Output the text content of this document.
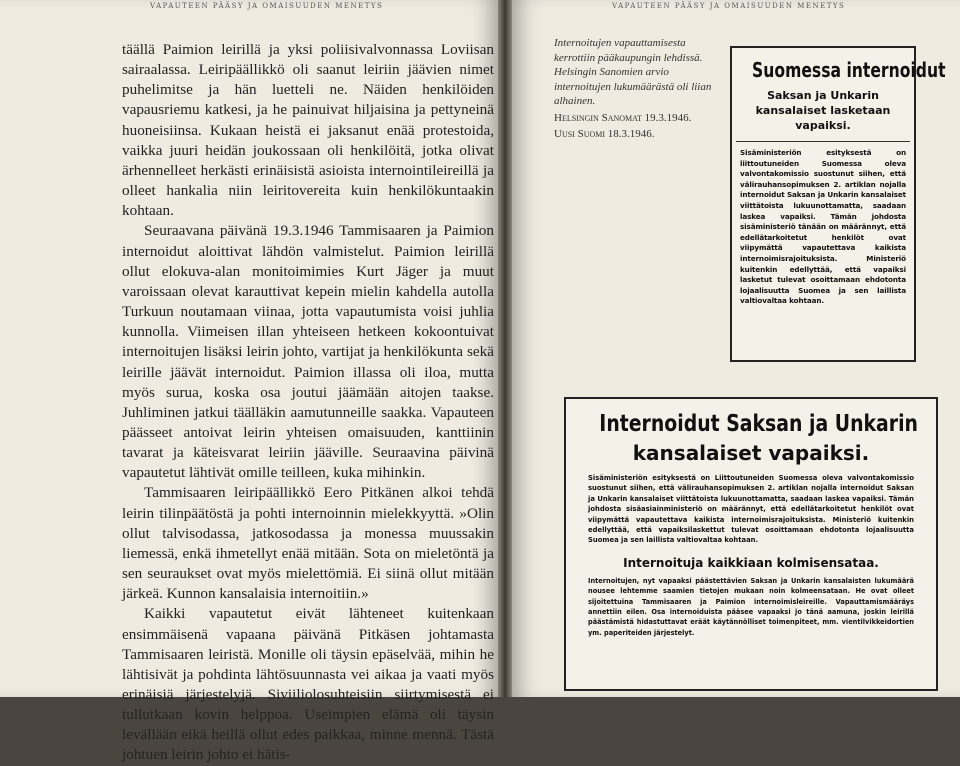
VAPAUTEEN PÄÄSY JA OMAISUUDEN MENETYS

täällä Paimion leirillä ja yksi poliisivalvonnassa Loviisan sairaalassa. Leiripäällikkö oli saanut leiriin jäävien nimet puhelimitse ja hän luetteli ne. Näiden henkilöiden vapausriemu katkesi, ja he painuivat hiljaisina ja pettyneinä huoneisiinsa. Kukaan heistä ei jaksanut enää protestoida, vaikka juuri heidän joukossaan oli henkilöitä, jotka olivat ärhennelleet herkästi erinäisistä asioista internointileireillä ja olleet hankalia niin leiritovereita kuin henkilökuntaakin kohtaan.

Seuraavana päivänä 19.3.1946 Tammisaaren ja Paimion internoidut aloittivat lähdön valmistelut. Paimion leirillä ollut elokuva-alan monitoimimies Kurt Jäger ja muut varoissaan olevat karauttivat kepein mielin kahdella autolla Turkuun noutamaan viinaa, jotta vapautumista voisi juhlia kunnolla. Viimeisen illan yhteiseen hetkeen kokoontuivat internoitujen lisäksi leirin johto, vartijat ja henkilökunta sekä leirille jäävät internoidut. Paimion illassa oli iloa, mutta myös surua, koska osa joutui jäämään aitojen taakse. Juhliminen jatkui täälläkin aamutunneille saakka. Vapauteen päässeet antoivat leirin yhteisen omaisuuden, kanttiinin tavarat ja käteisvarat leiriin jääville. Seuraavina päivinä vapautetut lähtivät omille teilleen, kuka mihinkin.

Tammisaaren leiripäällikkö Eero Pitkänen alkoi tehdä leirin tilinpäätöstä ja pohti internoinnin mielekkyyttä. »Olin ollut talvisodassa, jatkosodassa ja monessa muussakin liemessä, enkä ihmetellyt enää mitään. Sota on mieletöntä ja sen seuraukset ovat myös mielettömiä. Ei siinä ollut mitään järkeä. Kunnon kansalaisia internoitiin.»

Kaikki vapautetut eivät lähteneet kuitenkaan ensimmäisenä vapaana päivänä Pitkäsen johtamasta Tammisaaren leiristä. Monille oli täysin epäselvää, mihin he lähtisivät ja pohdinta lähtösuunnasta vei aikaa ja vaati myös erinäisiä järjestelyjä. Siviiliolosuhteisiin siirtymisestä ei tullutkaan kovin helppoa. Useimpien elämä oli täysin levällään eikä heillä ollut edes paikkaa, minne mennä. Tästä johtuen leirin johto ei hätis-

VAPAUTEEN PÄÄSY JA OMAISUUDEN MENETYS
Internoitujen vapauttamisesta kerrottiin pääkaupungin lehdissä. Helsingin Sanomien arvio internoitujen lukumäärästä oli liian alhainen.
Helsingin Sanomat 19.3.1946.
Uusi Suomi 18.3.1946.
Suomessa internoidut
Saksan ja Unkarin kansalaiset lasketaan vapaiksi.
Sisäministeriön esityksestä on liittoutuneiden Suomessa oleva valvontakomissio suostunut siihen, että välirauhansopimuksen 2. artiklan nojalla internoidut Saksan ja Unkarin kansalaiset viittätoista lukuunottamatta, saadaan laskea vapaiksi. Tämän johdosta sisäministeriö tänään on määrännyt, että edellätarkoitetut henkilöt ovat viipymättä vapautettava kaikista internoimisrajoituksista. Ministeriö kuitenkin edellyttää, että vapaiksi lasketut tulevat osoittamaan ehdotonta lojaalisuutta Suomea ja sen laillista valtiovaltaa kohtaan.
Internoidut Saksan ja Unkarin
kansalaiset vapaiksi.
Sisäministeriön esityksestä on Liittoutuneiden Suomessa oleva valvontakomissio suostunut siihen, että välirauhansopimuksen 2. artiklan nojalla internoidut Saksan ja Unkarin kansalaiset viittätoista lukuunottamatta, saadaan laskea vapaiksi. Tämän johdosta sisäasiainministeriö on määrännyt, että edellätarkoitetut henkilöt ovat viipymättä vapautettava kaikista internoimisrajoituksista. Ministeriö kuitenkin edellyttää, että vapaiksilaskettut tulevat osoittamaan ehdotonta lojaalisuutta Suomea ja sen laillista valtiovaltaa kohtaan.
Internoituja kaikkiaan kolmisensataa.
Internoitujen, nyt vapaaksi päästettävien Saksan ja Unkarin kansalaisten lukumäärä nousee lehtemme saamien tietojen mukaan noin kolmeensataan. He ovat olleet sijoitettuina Tammisaaren ja Paimion internoimisleireille. Vapauttamismääräys annettiin eilen. Osa internoiduista pääsee vapaaksi jo tänä aamuna, joskin leirillä päästämistä hidastuttavat eräät käytännölliset toimenpiteet, mm. vientilvikkeidortien ym. paperiteiden järjestelyt.
